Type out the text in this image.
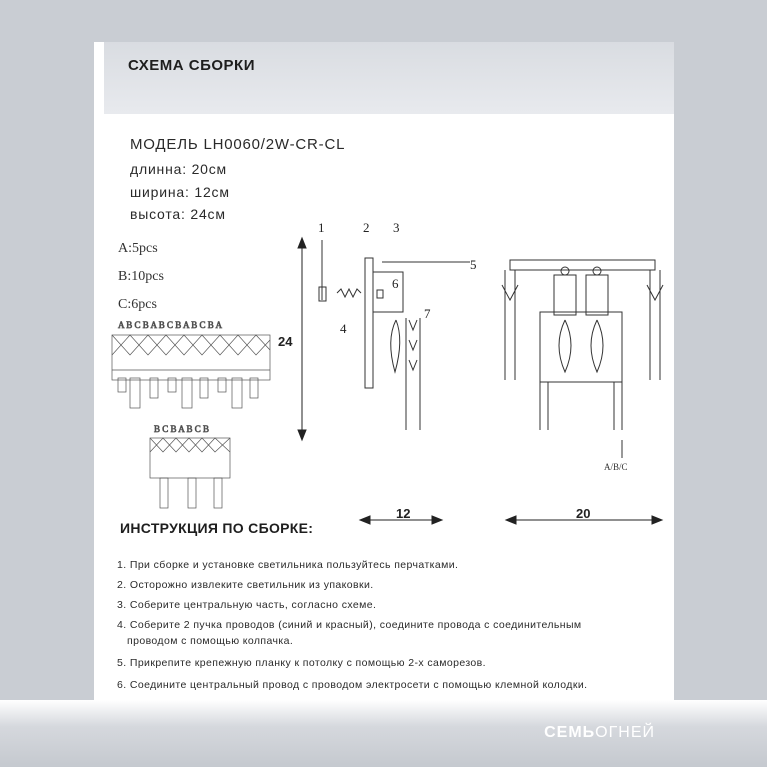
СХЕМА СБОРКИ
МОДЕЛЬ LH0060/2W-CR-CL
длинна: 20см
ширина: 12см
высота: 24см
A:5pcs
B:10pcs
C:6pcs
A B C B A B C B A B C B A
B C B A B C B
24
1	2 3
4
5
6
7
A/B/C
12	20
ИНСТРУКЦИЯ ПО СБОРКЕ:
1. При сборке и установке светильника пользуйтесь перчатками.
2. Осторожно извлеките светильник из упаковки.
3. Соберите центральную часть, согласно схеме.
4. Соберите 2 пучка проводов (синий и красный), соедините провода с соединительным
проводом с помощью колпачка.
5. Прикрепите крепежную планку к потолку с помощью 2-х саморезов.
6. Соедините центральный провод с проводом электросети с помощью клемной колодки.
СЕМЬОГНЕЙ
